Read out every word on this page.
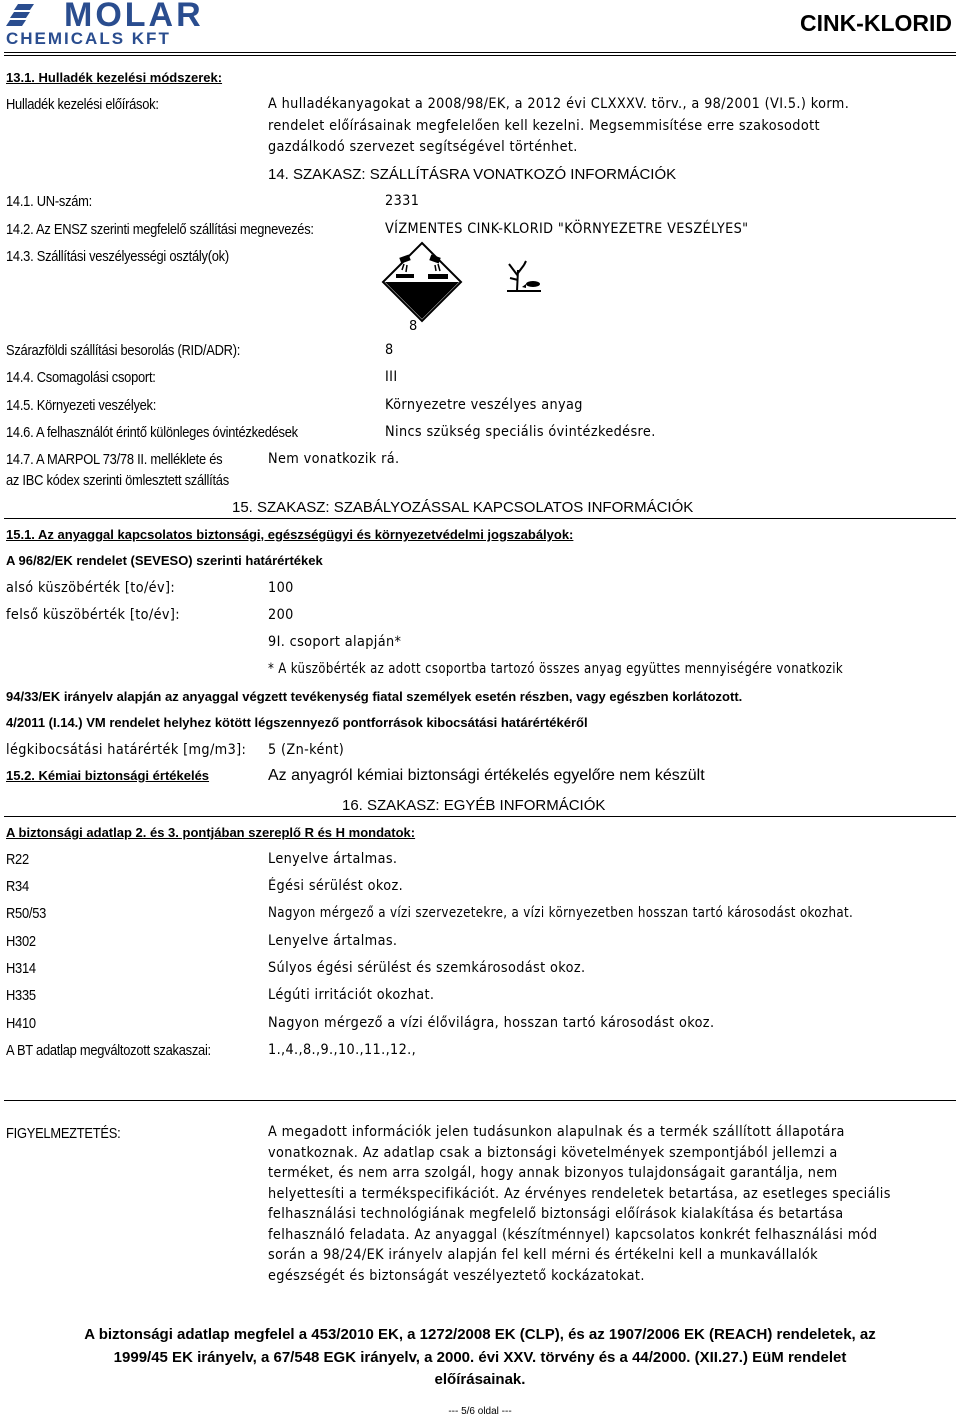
MOLAR
CHEMICALS KFT
CINK-KLORID
13.1. Hulladék kezelési módszerek:
Hulladék kezelési előírások:	A hulladékanyagokat a 2008/98/EK, a 2012 évi CLXXXV. törv., a 98/2001 (VI.5.) korm.
rendelet előírásainak megfelelően kell kezelni. Megsemmisítése erre szakosodott
gazdálkodó szervezet segítségével történhet.
14. SZAKASZ: SZÁLLÍTÁSRA VONATKOZÓ INFORMÁCIÓK
14.1. UN-szám:	2331
14.2. Az ENSZ szerinti megfelelő szállítási megnevezés:	VÍZMENTES CINK-KLORID "KÖRNYEZETRE VESZÉLYES"
14.3. Szállítási veszélyességi osztály(ok)
8
Szárazföldi szállítási besorolás (RID/ADR):	8
14.4. Csomagolási csoport:	III
14.5. Környezeti veszélyek:	Környezetre veszélyes anyag
14.6. A felhasználót érintő különleges óvintézkedések	Nincs szükség speciális óvintézkedésre.
14.7. A MARPOL 73/78 II. melléklete és	Nem vonatkozik rá.
az IBC kódex szerinti ömlesztett szállítás
15. SZAKASZ: SZABÁLYOZÁSSAL KAPCSOLATOS INFORMÁCIÓK
15.1. Az anyaggal kapcsolatos biztonsági, egészségügyi és környezetvédelmi jogszabályok:
A 96/82/EK rendelet (SEVESO) szerinti határértékek
alsó küszöbérték [to/év]:	100
felső küszöbérték [to/év]:	200
9I. csoport alapján*
* A küszöbérték az adott csoportba tartozó összes anyag együttes mennyiségére vonatkozik
94/33/EK irányelv alapján az anyaggal végzett tevékenység fiatal személyek esetén részben, vagy egészben korlátozott.
4/2011 (I.14.) VM rendelet helyhez kötött légszennyező pontforrások kibocsátási határértékéről
légkibocsátási határérték [mg/m3]: 5 (Zn-ként)
15.2. Kémiai biztonsági értékelés	Az anyagról kémiai biztonsági értékelés egyelőre nem készült
16. SZAKASZ: EGYÉB INFORMÁCIÓK
A biztonsági adatlap 2. és 3. pontjában szereplő R és H mondatok:
R22	Lenyelve ártalmas.
R34	Égési sérülést okoz.
R50/53	Nagyon mérgező a vízi szervezetekre, a vízi környezetben hosszan tartó károsodást okozhat.
H302	Lenyelve ártalmas.
H314	Súlyos égési sérülést és szemkárosodást okoz.
H335	Légúti irritációt okozhat.
H410	Nagyon mérgező a vízi élővilágra, hosszan tartó károsodást okoz.
A BT adatlap megváltozott szakaszai:	1.,4.,8.,9.,10.,11.,12.,
FIGYELMEZTETÉS:	A megadott információk jelen tudásunkon alapulnak és a termék szállított állapotára
vonatkoznak. Az adatlap csak a biztonsági követelmények szempontjából jellemzi a
terméket, és nem arra szolgál, hogy annak bizonyos tulajdonságait garantálja, nem
helyettesíti a termékspecifikációt. Az érvényes rendeletek betartása, az esetleges speciális
felhasználási technológiának megfelelő biztonsági előírások kialakítása és betartása
felhasználó feladata. Az anyaggal (készítménnyel) kapcsolatos konkrét felhasználási mód
során a 98/24/EK irányelv alapján fel kell mérni és értékelni kell a munkavállalók
egészségét és biztonságát veszélyeztető kockázatokat.
A biztonsági adatlap megfelel a 453/2010 EK, a 1272/2008 EK (CLP), és az 1907/2006 EK (REACH) rendeletek, az
1999/45 EK irányelv, a 67/548 EGK irányelv, a 2000. évi XXV. törvény és a 44/2000. (XII.27.) EüM rendelet
előírásainak.
--- 5/6 oldal ---
